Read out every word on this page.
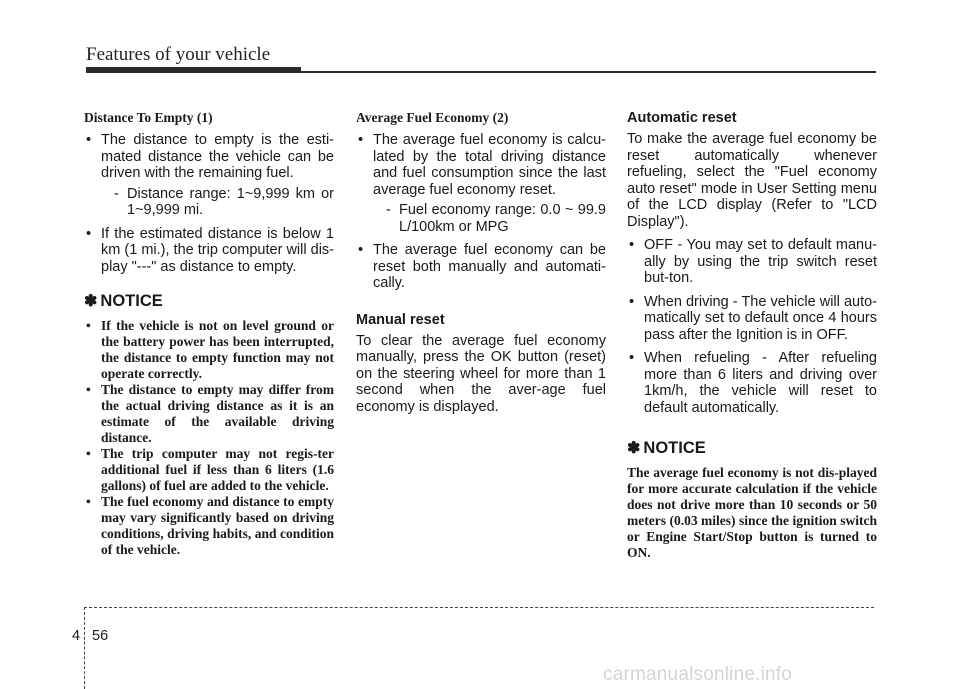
Features of your vehicle

Distance To Empty (1)

• The distance to empty is the esti-mated distance the vehicle can be driven with the remaining fuel.
- Distance range: 1~9,999 km or 1~9,999 mi.
• If the estimated distance is below 1 km (1 mi.), the trip computer will dis-play "---" as distance to empty.
✽ NOTICE
• If the vehicle is not on level ground or the battery power has been interrupted, the distance to empty function may not operate correctly.
• The distance to empty may differ from the actual driving distance as it is an estimate of the available driving distance.
• The trip computer may not regis-ter additional fuel if less than 6 liters (1.6 gallons) of fuel are added to the vehicle.
• The fuel economy and distance to empty may vary significantly based on driving conditions, driving habits, and condition of the vehicle.

Average Fuel Economy (2)

• The average fuel economy is calcu-lated by the total driving distance and fuel consumption since the last average fuel economy reset.
- Fuel economy range: 0.0 ~ 99.9 L/100km or MPG
• The average fuel economy can be reset both manually and automati-cally.

Manual reset

To clear the average fuel economy manually, press the OK button (reset) on the steering wheel for more than 1 second when the aver-age fuel economy is displayed.

Automatic reset

To make the average fuel economy be reset automatically whenever refueling, select the "Fuel economy auto reset" mode in User Setting menu of the LCD display (Refer to "LCD Display").

• OFF - You may set to default manu-ally by using the trip switch reset but-ton.
• When driving - The vehicle will auto-matically set to default once 4 hours pass after the Ignition is in OFF.
• When refueling - After refueling more than 6 liters and driving over 1km/h, the vehicle will reset to default automatically.
✽ NOTICE

The average fuel economy is not dis-played for more accurate calculation if the vehicle does not drive more than 10 seconds or 50 meters (0.03 miles) since the ignition switch or Engine Start/Stop button is turned to ON.

4 56
carmanualsonline.info
